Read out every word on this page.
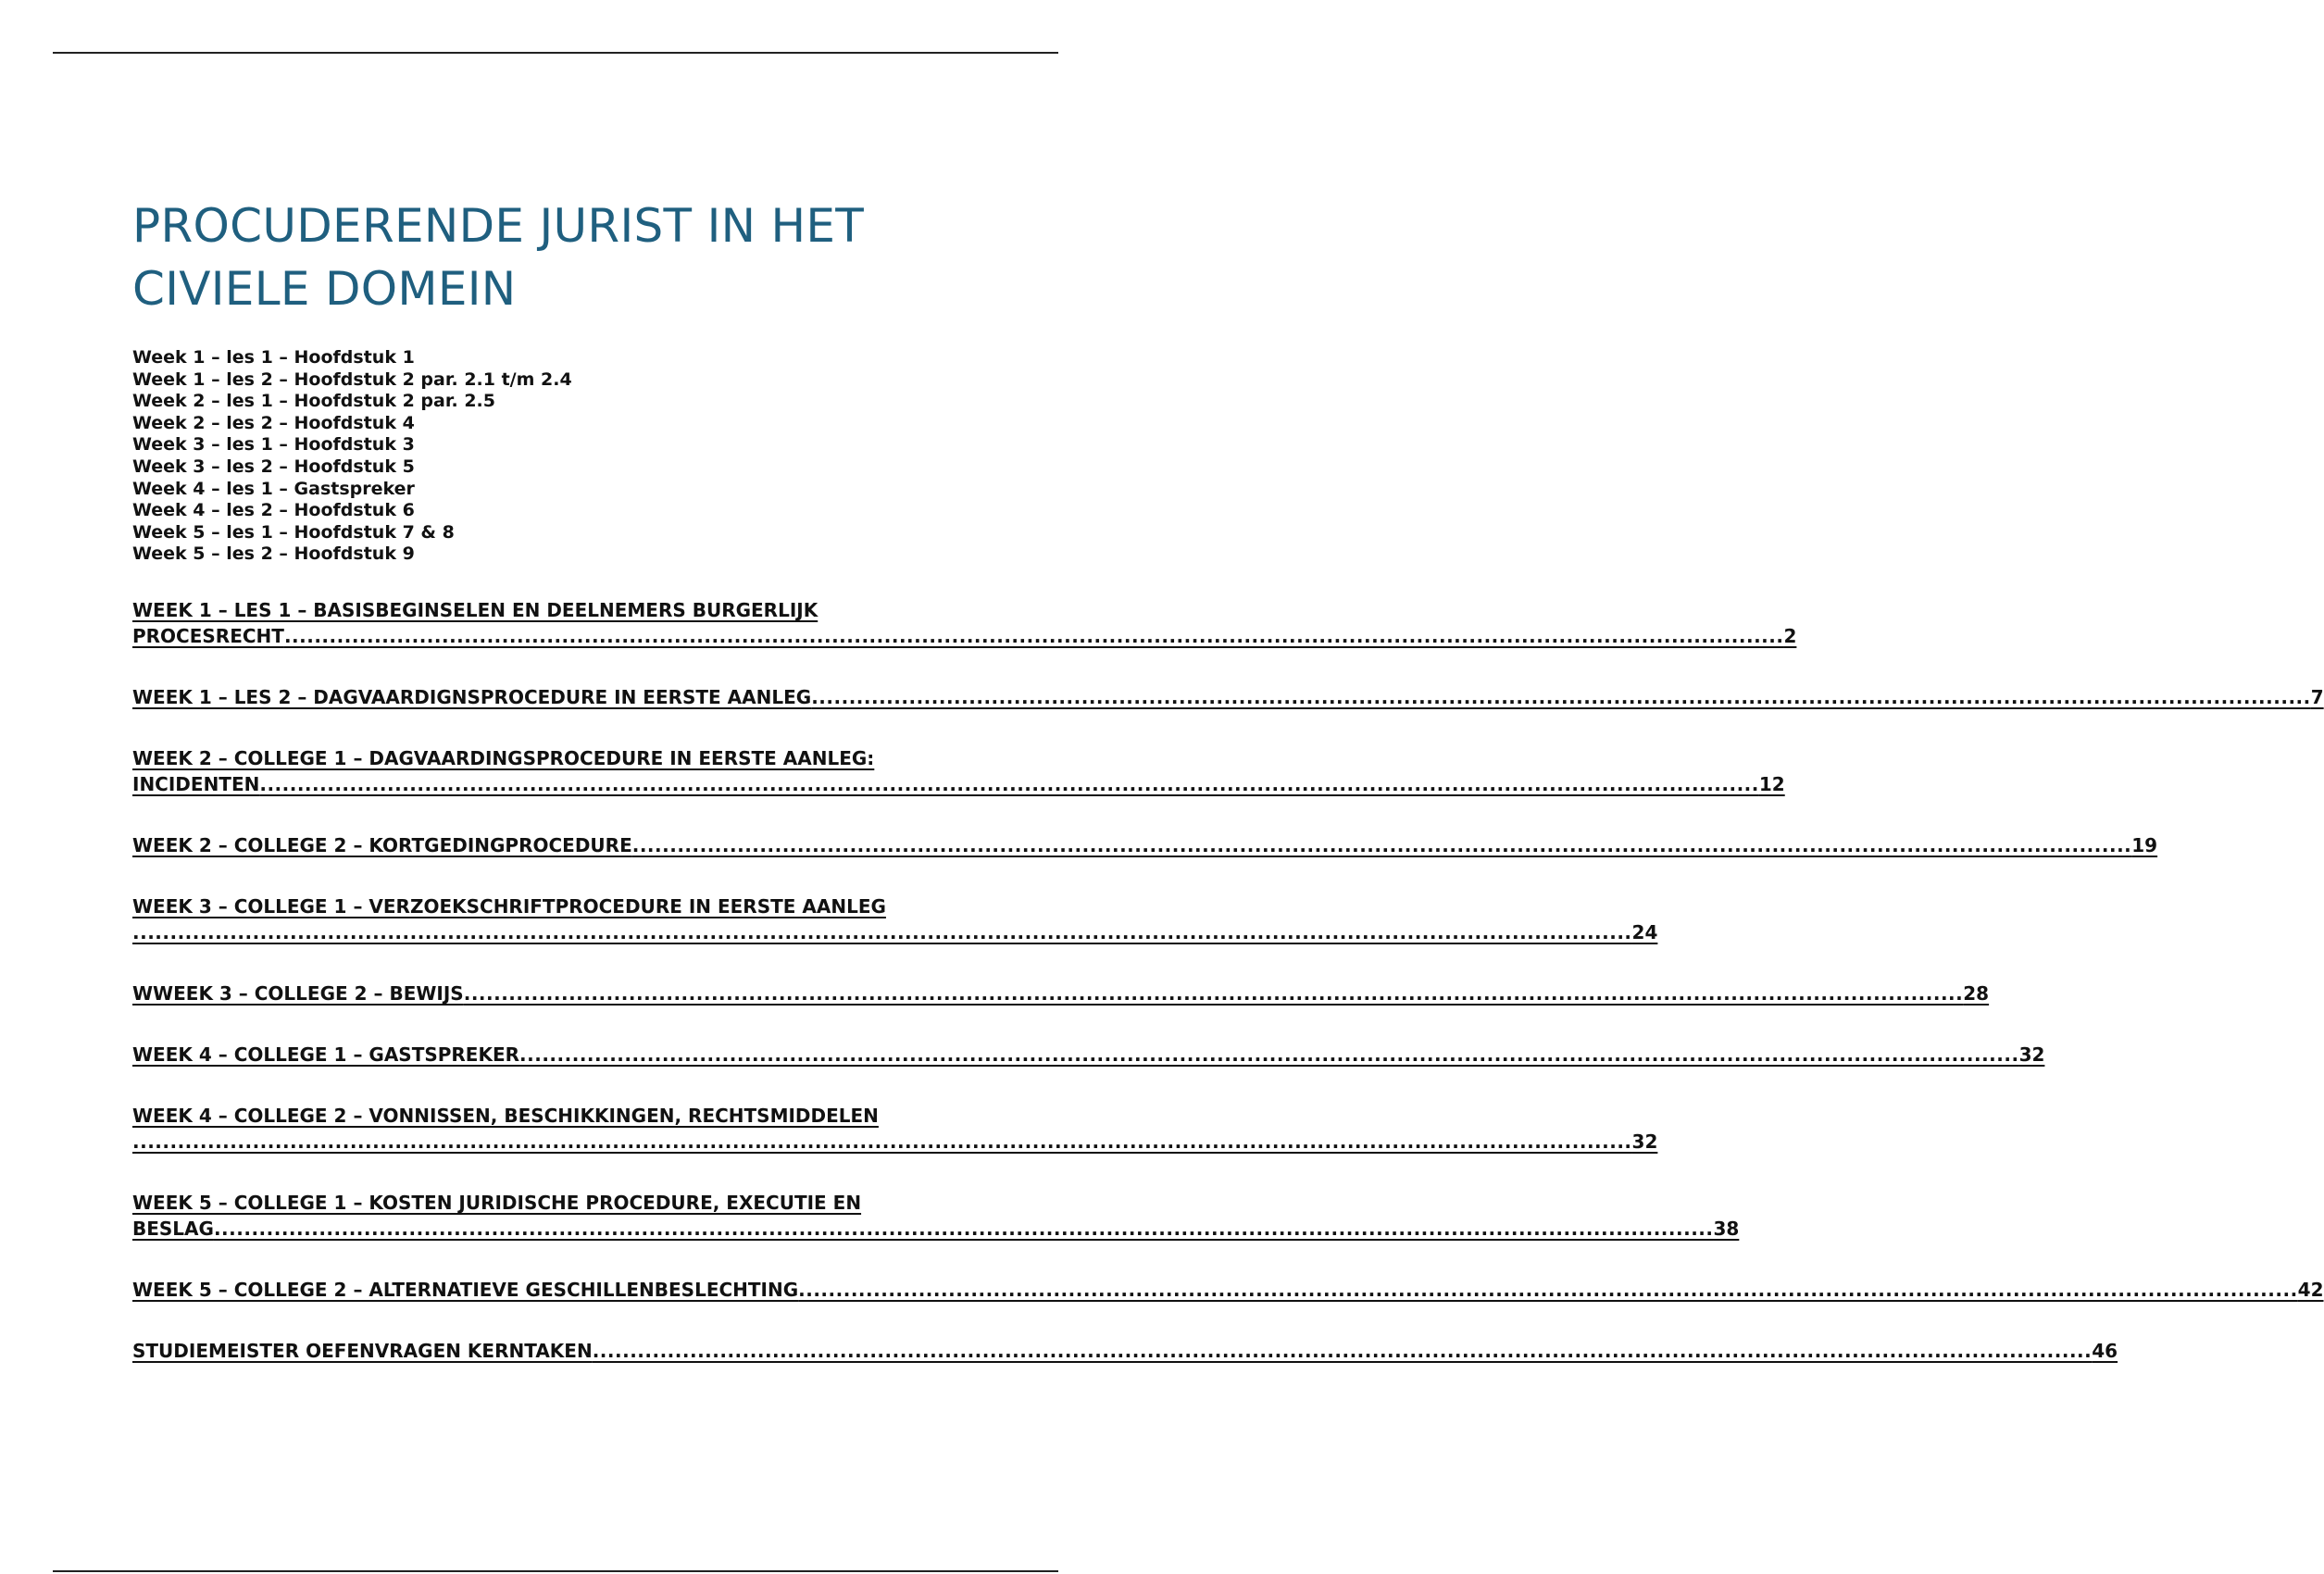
PROCUDERENDE JURIST IN HET
CIVIELE DOMEIN
Week 1 – les 1 – Hoofdstuk 1
Week 1 – les 2 – Hoofdstuk 2 par. 2.1 t/m 2.4
Week 2 – les 1 – Hoofdstuk 2 par. 2.5
Week 2 – les 2 – Hoofdstuk 4
Week 3 – les 1 – Hoofdstuk 3
Week 3 – les 2 – Hoofdstuk 5
Week 4 – les 1 – Gastspreker
Week 4 – les 2 – Hoofdstuk 6
Week 5 – les 1 – Hoofdstuk 7 & 8
Week 5 – les 2 – Hoofdstuk 9
WEEK 1 – LES 1 – BASISBEGINSELEN EN DEELNEMERS BURGERLIJK
PROCESRECHT ........................................................................................................................................................................................................ 2
WEEK 1 – LES 2 – DAGVAARDIGNSPROCEDURE IN EERSTE AANLEG ........................................................................................................................................................................................................ 7
WEEK 2 – COLLEGE 1 – DAGVAARDINGSPROCEDURE IN EERSTE AANLEG:
INCIDENTEN ........................................................................................................................................................................................................ 12
WEEK 2 – COLLEGE 2 – KORTGEDINGPROCEDURE ........................................................................................................................................................................................................ 19
WEEK 3 – COLLEGE 1 – VERZOEKSCHRIFTPROCEDURE IN EERSTE AANLEG
........................................................................................................................................................................................................ 24
WWEEK 3 – COLLEGE 2 – BEWIJS ........................................................................................................................................................................................................ 28
WEEK 4 – COLLEGE 1 – GASTSPREKER ........................................................................................................................................................................................................ 32
WEEK 4 – COLLEGE 2 – VONNISSEN, BESCHIKKINGEN, RECHTSMIDDELEN
........................................................................................................................................................................................................ 32
WEEK 5 – COLLEGE 1 – KOSTEN JURIDISCHE PROCEDURE, EXECUTIE EN
BESLAG ........................................................................................................................................................................................................ 38
WEEK 5 – COLLEGE 2 – ALTERNATIEVE GESCHILLENBESLECHTING ........................................................................................................................................................................................................ 42
STUDIEMEISTER OEFENVRAGEN KERNTAKEN ........................................................................................................................................................................................................ 46
